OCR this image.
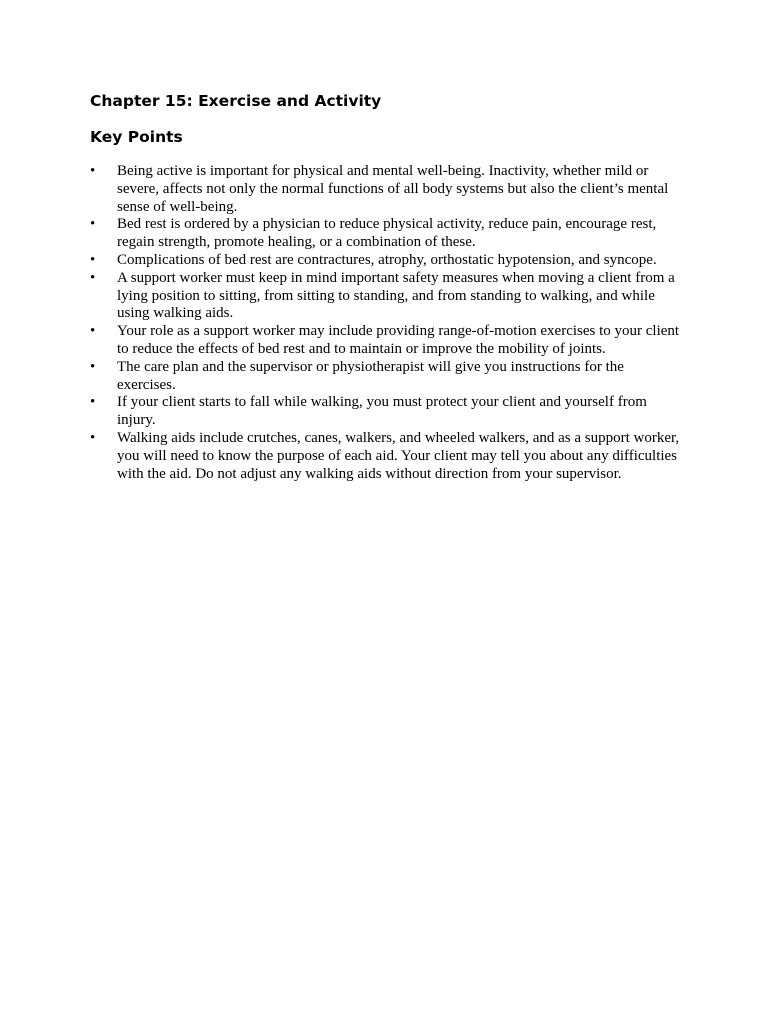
Chapter 15: Exercise and Activity
Key Points
•	Being active is important for physical and mental well-being. Inactivity, whether mild or severe, affects not only the normal functions of all body systems but also the client’s mental sense of well-being.
•	Bed rest is ordered by a physician to reduce physical activity, reduce pain, encourage rest, regain strength, promote healing, or a combination of these.
•	Complications of bed rest are contractures, atrophy, orthostatic hypotension, and syncope.
•	A support worker must keep in mind important safety measures when moving a client from a lying position to sitting, from sitting to standing, and from standing to walking, and while using walking aids.
•	Your role as a support worker may include providing range-of-motion exercises to your client to reduce the effects of bed rest and to maintain or improve the mobility of joints.
•	The care plan and the supervisor or physiotherapist will give you instructions for the exercises.
•	If your client starts to fall while walking, you must protect your client and yourself from injury.
•	Walking aids include crutches, canes, walkers, and wheeled walkers, and as a support worker, you will need to know the purpose of each aid. Your client may tell you about any difficulties with the aid. Do not adjust any walking aids without direction from your supervisor.
